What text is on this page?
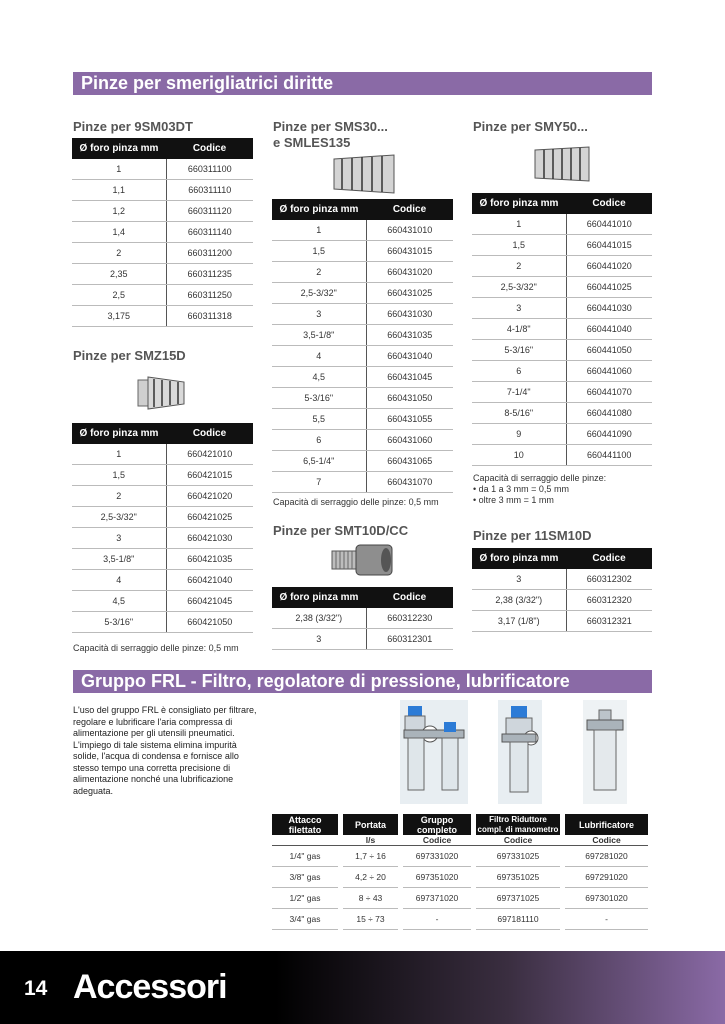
Pinze per smerigliatrici diritte
Pinze per 9SM03DT
Ø foro pinza mm	Codice
1	660311100
1,1	660311110
1,2	660311120
1,4	660311140
2	660311200
2,35	660311235
2,5	660311250
3,175	660311318
Pinze per SMZ15D
Ø foro pinza mm	Codice
1	660421010
1,5	660421015
2	660421020
2,5-3/32"	660421025
3	660421030
3,5-1/8"	660421035
4	660421040
4,5	660421045
5-3/16"	660421050
Capacità di serraggio delle pinze: 0,5 mm
Pinze per SMS30...
e SMLES135
Ø foro pinza mm	Codice
1	660431010
1,5	660431015
2	660431020
2,5-3/32"	660431025
3	660431030
3,5-1/8"	660431035
4	660431040
4,5	660431045
5-3/16"	660431050
5,5	660431055
6	660431060
6,5-1/4"	660431065
7	660431070
Capacità di serraggio delle pinze: 0,5 mm
Pinze per SMT10D/CC
Ø foro pinza mm	Codice
2,38 (3/32")	660312230
3	660312301
Pinze per SMY50...
Ø foro pinza mm	Codice
1	660441010
1,5	660441015
2	660441020
2,5-3/32"	660441025
3	660441030
4-1/8"	660441040
5-3/16"	660441050
6	660441060
7-1/4"	660441070
8-5/16"	660441080
9	660441090
10	660441100
Capacità di serraggio delle pinze:
• da 1 a 3 mm = 0,5 mm
• oltre 3 mm = 1 mm
Pinze per 11SM10D
Ø foro pinza mm	Codice
3	660312302
2,38 (3/32")	660312320
3,17 (1/8")	660312321
Gruppo FRL - Filtro, regolatore di pressione, lubrificatore

L'uso del gruppo FRL è consigliato per filtrare, regolare e lubrificare l'aria compressa di alimentazione per gli utensili pneumatici. L'impiego di tale sistema elimina impurità solide, l'acqua di condensa e fornisce allo stesso tempo una corretta precisione di alimentazione nonché una lubrificazione adeguata.

Attacco filettato		Portata		Gruppo completo		Filtro Riduttore compl. di manometro		Lubrificatore
		l/s		Codice		Codice		Codice
1/4" gas		1,7 ÷ 16		697331020		697331025		697281020
3/8" gas		4,2 ÷ 20		697351020		697351025		697291020
1/2" gas		8 ÷ 43		697371020		697371025		697301020
3/4" gas		15 ÷ 73		-		697181110		-
14 Accessori
